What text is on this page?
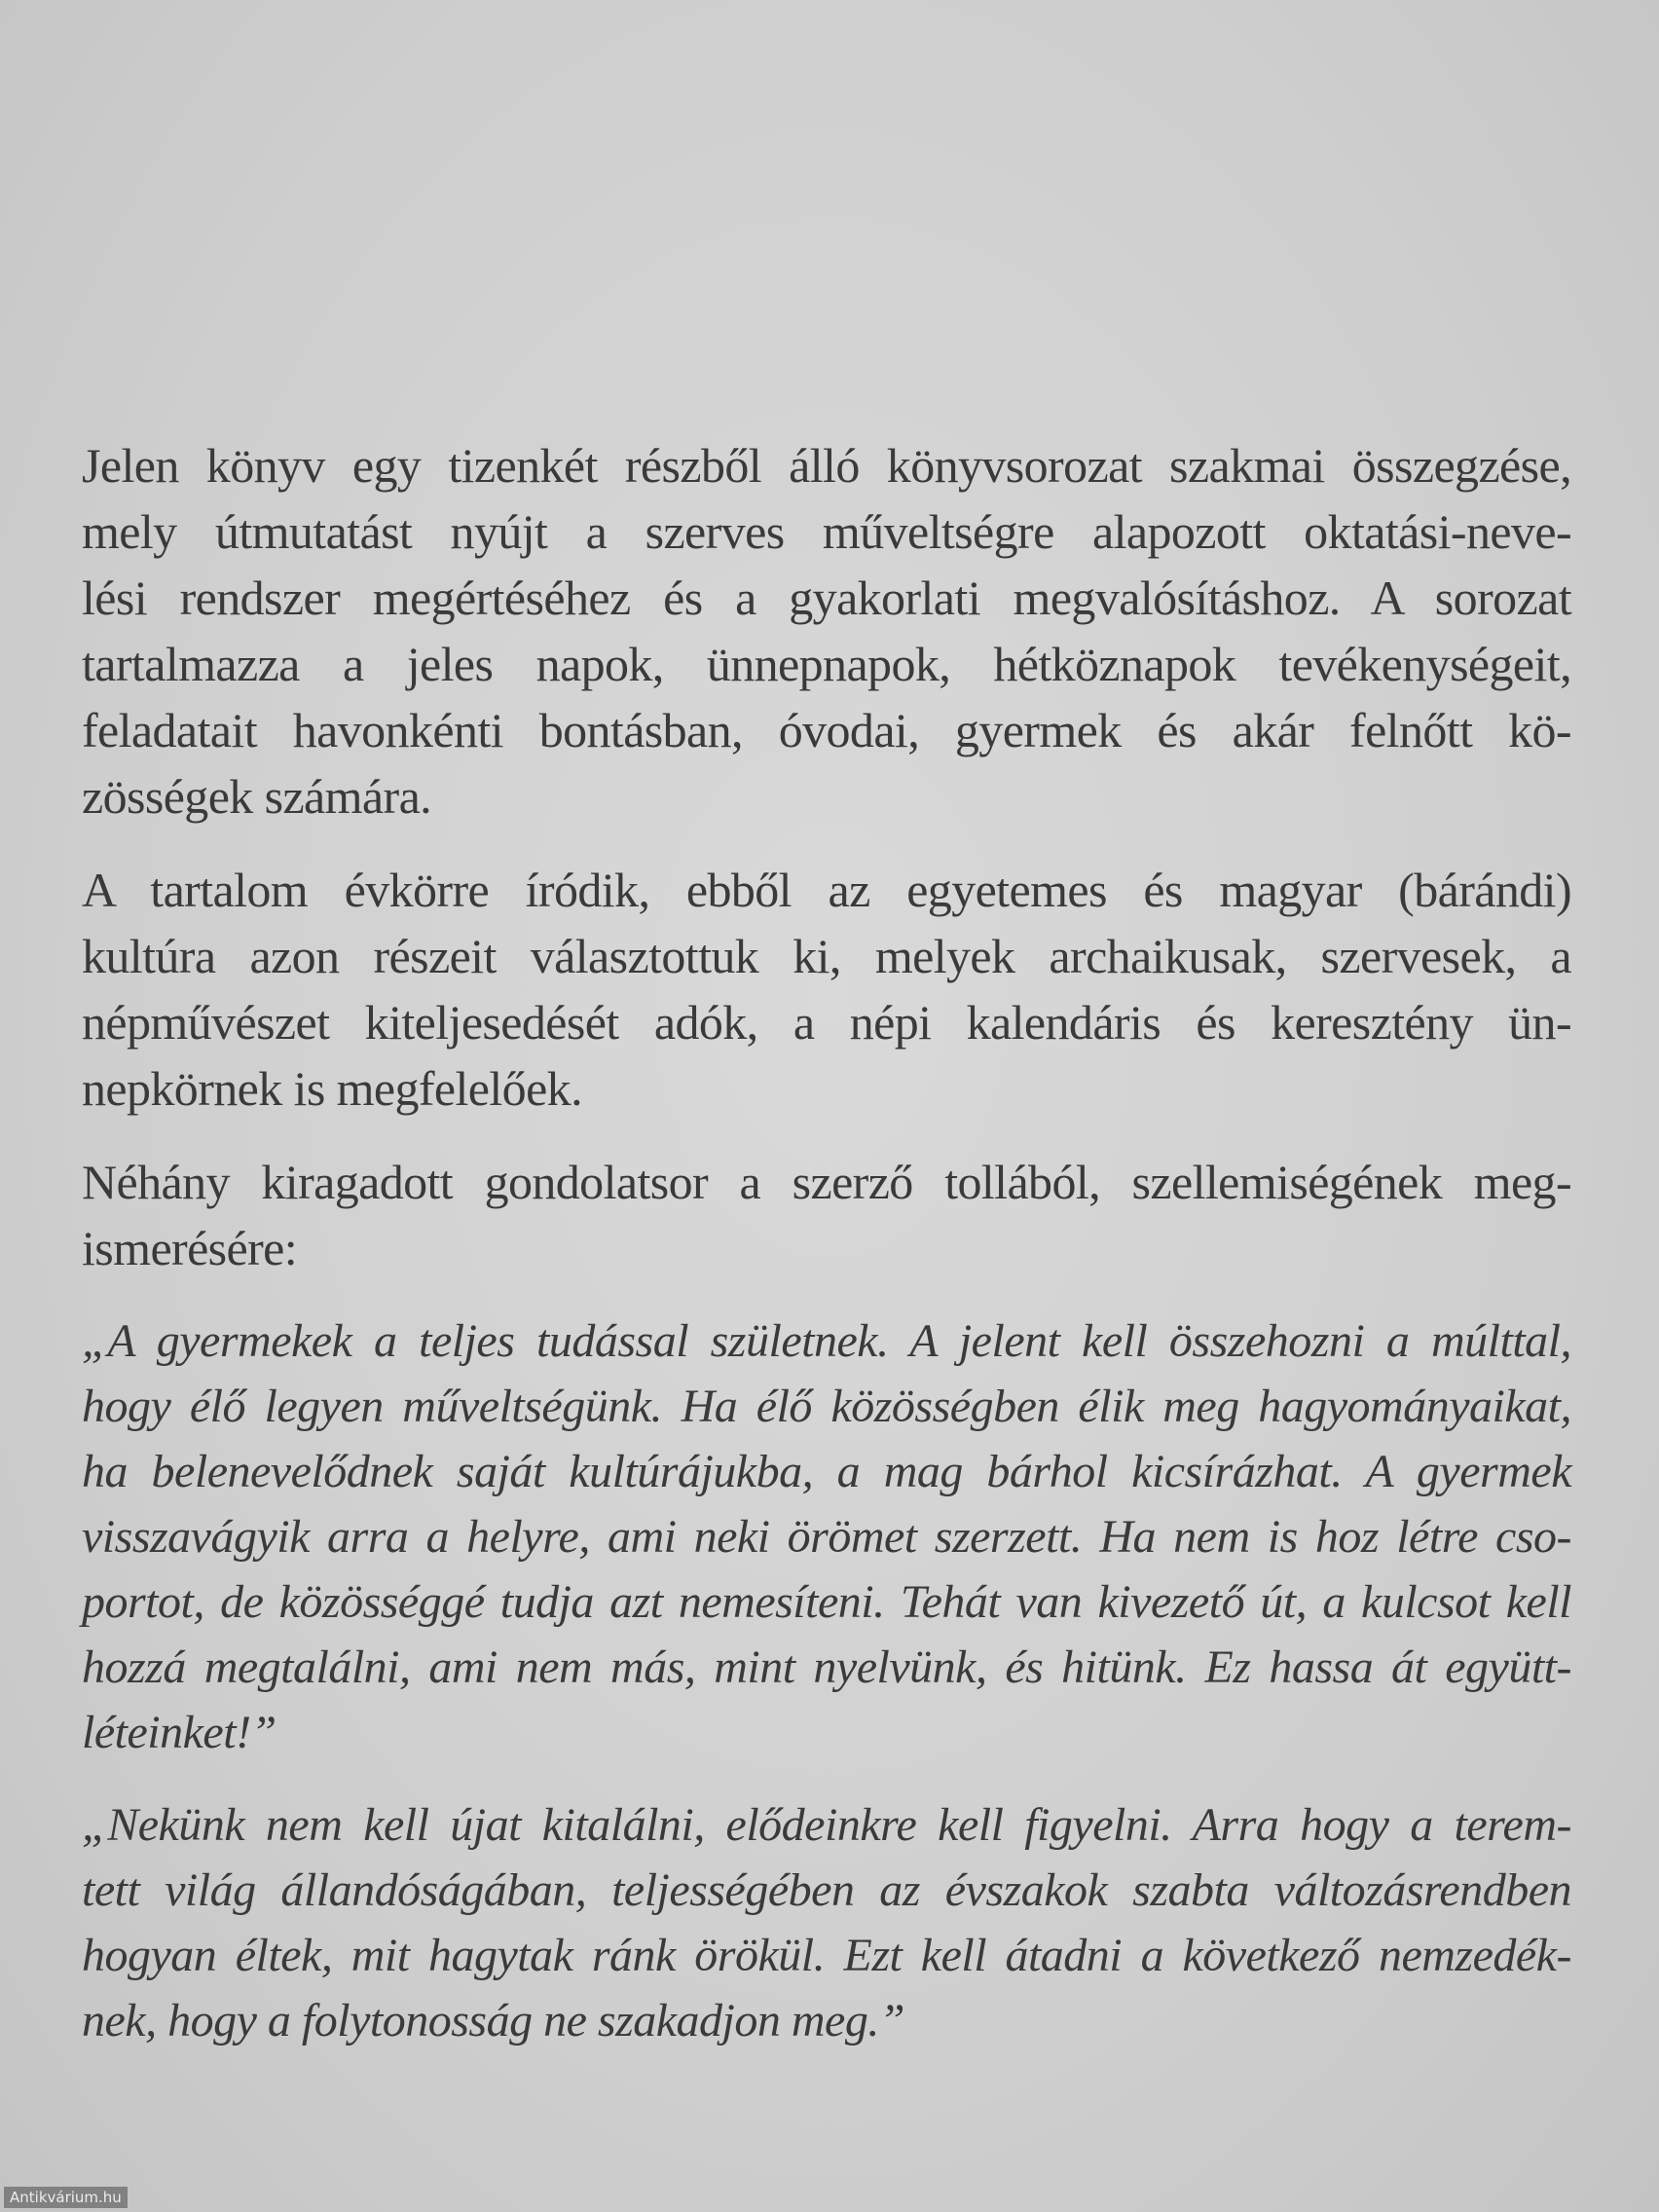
Jelen könyv egy tizenkét részből álló könyvsorozat szakmai összegzése,
mely útmutatást nyújt a szerves műveltségre alapozott oktatási-neve-
lési rendszer megértéséhez és a gyakorlati megvalósításhoz. A sorozat
tartalmazza a jeles napok, ünnepnapok, hétköznapok tevékenységeit,
feladatait havonkénti bontásban, óvodai, gyermek és akár felnőtt kö-
zösségek számára.

A tartalom évkörre íródik, ebből az egyetemes és magyar (bárándi)
kultúra azon részeit választottuk ki, melyek archaikusak, szervesek, a
népművészet kiteljesedését adók, a népi kalendáris és keresztény ün-
nepkörnek is megfelelőek.

Néhány kiragadott gondolatsor a szerző tollából, szellemiségének meg-
ismerésére:

„A gyermekek a teljes tudással születnek. A jelent kell összehozni a múlttal,
hogy élő legyen műveltségünk. Ha élő közösségben élik meg hagyományaikat,
ha belenevelődnek saját kultúrájukba, a mag bárhol kicsírázhat. A gyermek
visszavágyik arra a helyre, ami neki örömet szerzett. Ha nem is hoz létre cso-
portot, de közösséggé tudja azt nemesíteni. Tehát van kivezető út, a kulcsot kell
hozzá megtalálni, ami nem más, mint nyelvünk, és hitünk. Ez hassa át együtt-
léteinket!”

„Nekünk nem kell újat kitalálni, elődeinkre kell figyelni. Arra hogy a terem-
tett világ állandóságában, teljességében az évszakok szabta változásrendben
hogyan éltek, mit hagytak ránk örökül. Ezt kell átadni a következő nemzedék-
nek, hogy a folytonosság ne szakadjon meg.”

Antikvárium.hu
